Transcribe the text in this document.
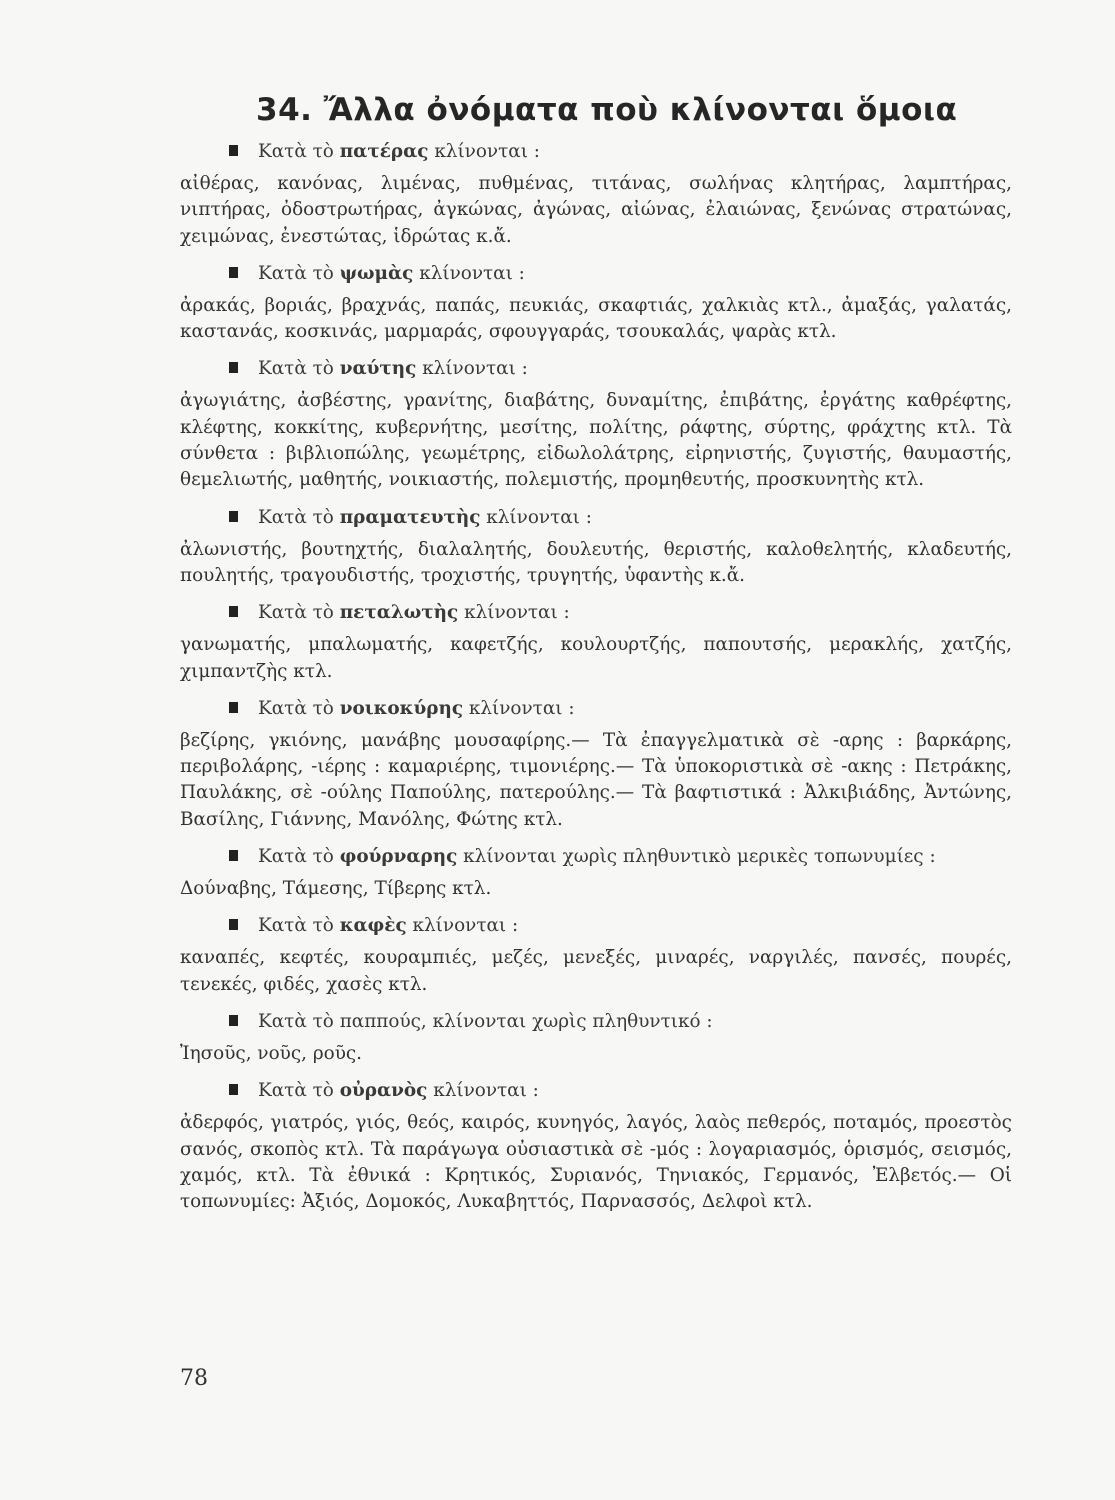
34. Ἄλλα ὀνόματα ποὺ κλίνονται ὅμοια
Κατὰ τὸ πατέρας κλίνονται :
αἰθέρας, κανόνας, λιμένας, πυθμένας, τιτάνας, σωλήνας κλητήρας, λαμπτήρας, νιπτήρας, ὀδοστρωτήρας, ἀγκώνας, ἀγώνας, αἰώνας, ἐλαιώνας, ξενώνας στρατώνας, χειμώνας, ἐνεστώτας, ἱδρώτας κ.ἄ.
Κατὰ τὸ ψωμὰς κλίνονται :
ἀρακάς, βοριάς, βραχνάς, παπάς, πευκιάς, σκαφτιάς, χαλκιὰς κτλ., ἀμαξάς, γαλατάς, καστανάς, κοσκινάς, μαρμαράς, σφουγγαράς, τσουκαλάς, ψαρὰς κτλ.
Κατὰ τὸ ναύτης κλίνονται :
ἀγωγιάτης, ἀσβέστης, γρανίτης, διαβάτης, δυναμίτης, ἐπιβάτης, ἐργάτης καθρέφτης, κλέφτης, κοκκίτης, κυβερνήτης, μεσίτης, πολίτης, ράφτης, σύρτης, φράχτης κτλ. Τὰ σύνθετα : βιβλιοπώλης, γεωμέτρης, εἰδωλολάτρης, εἰρηνιστής, ζυγιστής, θαυμαστής, θεμελιωτής, μαθητής, νοικιαστής, πολεμιστής, προμηθευτής, προσκυνητὴς κτλ.
Κατὰ τὸ πραματευτὴς κλίνονται :
ἀλωνιστής, βουτηχτής, διαλαλητής, δουλευτής, θεριστής, καλοθελητής, κλαδευτής, πουλητής, τραγουδιστής, τροχιστής, τρυγητής, ὑφαντὴς κ.ἄ.
Κατὰ τὸ πεταλωτὴς κλίνονται :
γανωματής, μπαλωματής, καφετζής, κουλουρτζής, παπουτσής, μερακλής, χατζής, χιμπαντζὴς κτλ.
Κατὰ τὸ νοικοκύρης κλίνονται :
βεζίρης, γκιόνης, μανάβης μουσαφίρης.— Τὰ ἐπαγγελματικὰ σὲ -αρης : βαρκάρης, περιβολάρης, -ιέρης : καμαριέρης, τιμονιέρης.— Τὰ ὑποκοριστικὰ σὲ -ακης : Πετράκης, Παυλάκης, σὲ -ούλης Παπούλης, πατερούλης.— Τὰ βαφτιστικά : Ἀλκιβιάδης, Ἀντώνης, Βασίλης, Γιάννης, Μανόλης, Φώτης κτλ.
Κατὰ τὸ φούρναρης κλίνονται χωρὶς πληθυντικὸ μερικὲς τοπωνυμίες :
Δούναβης, Τάμεσης, Τίβερης κτλ.
Κατὰ τὸ καφὲς κλίνονται :
καναπές, κεφτές, κουραμπιές, μεζές, μενεξές, μιναρές, ναργιλές, πανσές, πουρές, τενεκές, φιδές, χασὲς κτλ.
Κατὰ τὸ παππούς, κλίνονται χωρὶς πληθυντικό :
Ἰησοῦς, νοῦς, ροῦς.
Κατὰ τὸ οὐρανὸς κλίνονται :
ἀδερφός, γιατρός, γιός, θεός, καιρός, κυνηγός, λαγός, λαὸς πεθερός, ποταμός, προεστὸς σανός, σκοπὸς κτλ. Τὰ παράγωγα οὐσιαστικὰ σὲ -μός : λογαριασμός, ὁρισμός, σεισμός, χαμός, κτλ. Τὰ ἐθνικά : Κρητικός, Συριανός, Τηνιακός, Γερμανός, Ἐλβετός.— Οἱ τοπωνυμίες: Ἀξιός, Δομοκός, Λυκαβηττός, Παρνασσός, Δελφοὶ κτλ.
78
